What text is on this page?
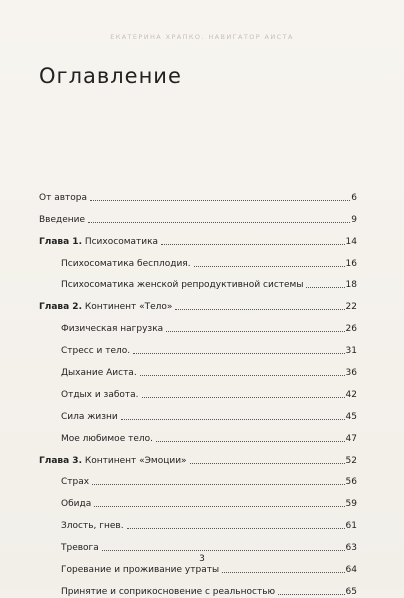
ЕКАТЕРИНА ХРАПКО. НАВИГАТОР АИСТА
Оглавление
От автора	6
Введение	9
Глава 1. Психосоматика	14
Психосоматика бесплодия.	16
Психосоматика женской репродуктивной системы	18
Глава 2. Континент «Тело»	22
Физическая нагрузка	26
Стресс и тело.	31
Дыхание Аиста.	36
Отдых и забота.	42
Сила жизни	45
Мое любимое тело.	47
Глава 3. Континент «Эмоции»	52
Страх	56
Обида	59
Злость, гнев.	61
Тревога	63
Горевание и проживание утраты	64
Принятие и соприкосновение с реальностью	65
3
